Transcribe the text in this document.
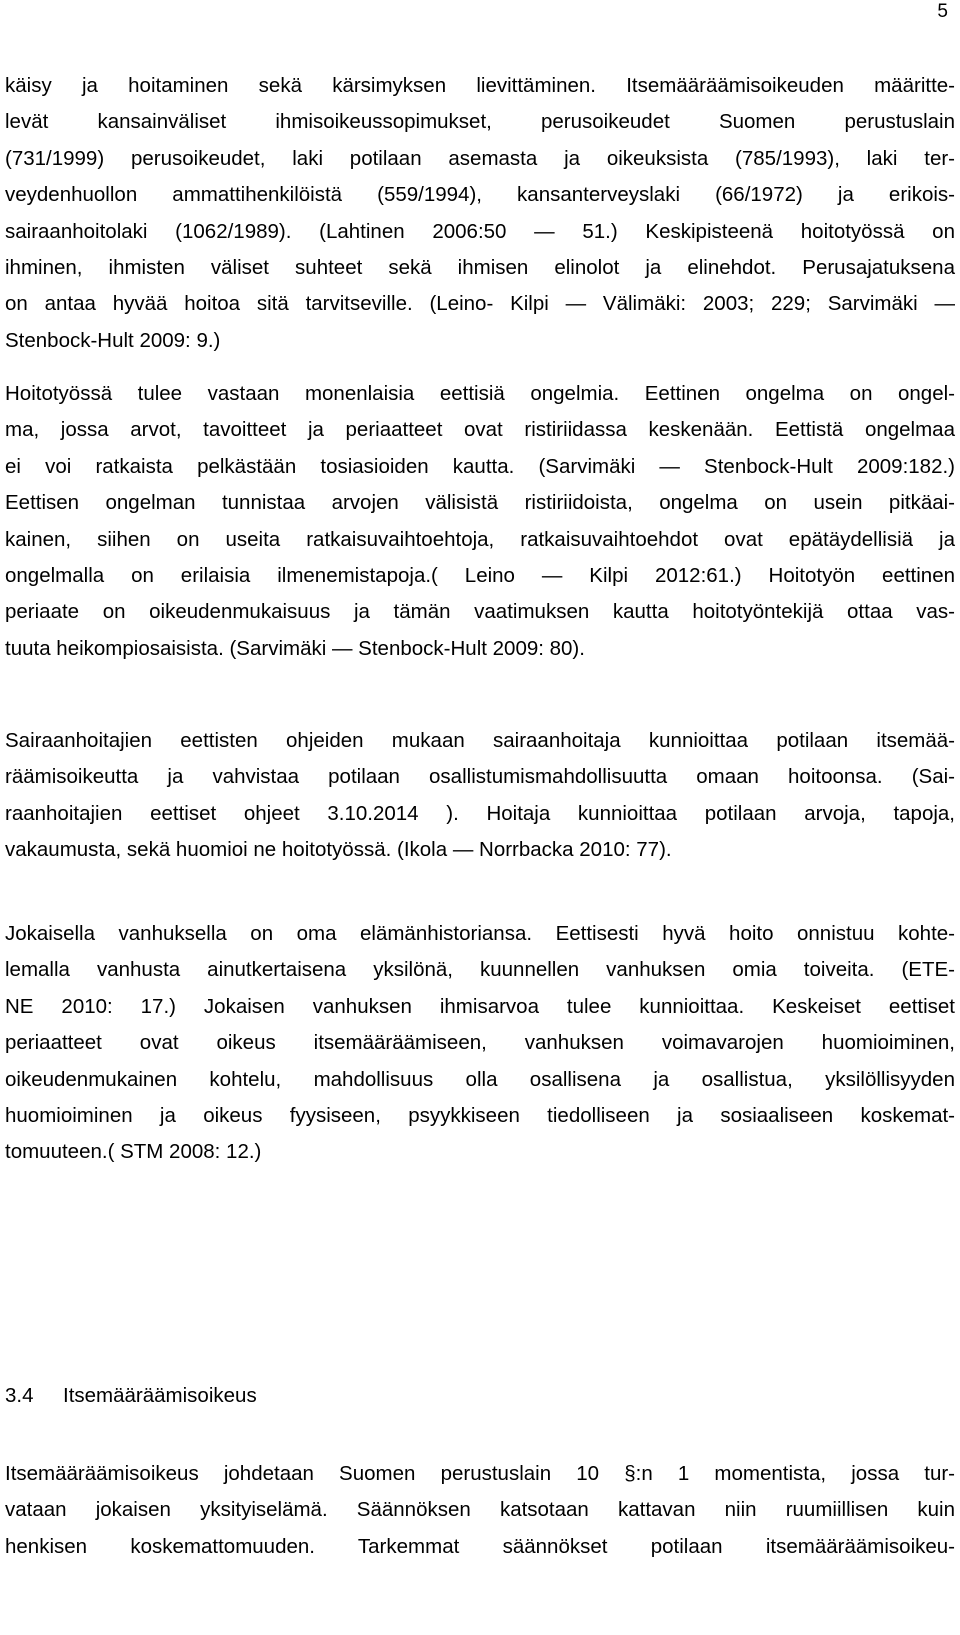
5
käisy ja hoitaminen sekä kärsimyksen lievittäminen. Itsemääräämisoikeuden määritte-
levät kansainväliset ihmisoikeussopimukset, perusoikeudet Suomen perustuslain
(731/1999) perusoikeudet, laki potilaan asemasta ja oikeuksista (785/1993), laki ter-
veydenhuollon ammattihenkilöistä (559/1994), kansanterveyslaki (66/1972) ja erikois-
sairaanhoitolaki (1062/1989). (Lahtinen 2006:50 ― 51.) Keskipisteenä hoitotyössä on
ihminen, ihmisten väliset suhteet sekä ihmisen elinolot ja elinehdot. Perusajatuksena
on antaa hyvää hoitoa sitä tarvitseville. (Leino- Kilpi ― Välimäki: 2003; 229; Sarvimäki ―
Stenbock-Hult 2009: 9.)
Hoitotyössä tulee vastaan monenlaisia eettisiä ongelmia. Eettinen ongelma on ongel-
ma, jossa arvot, tavoitteet ja periaatteet ovat ristiriidassa keskenään. Eettistä ongelmaa
ei voi ratkaista pelkästään tosiasioiden kautta. (Sarvimäki ― Stenbock-Hult 2009:182.)
Eettisen ongelman tunnistaa arvojen välisistä ristiriidoista, ongelma on usein pitkäai-
kainen, siihen on useita ratkaisuvaihtoehtoja, ratkaisuvaihtoehdot ovat epätäydellisiä ja
ongelmalla on erilaisia ilmenemistapoja.( Leino ― Kilpi 2012:61.) Hoitotyön eettinen
periaate on oikeudenmukaisuus ja tämän vaatimuksen kautta hoitotyöntekijä ottaa vas-
tuuta heikompiosaisista. (Sarvimäki ― Stenbock-Hult 2009: 80).
Sairaanhoitajien eettisten ohjeiden mukaan sairaanhoitaja kunnioittaa potilaan itsemää-
räämisoikeutta ja vahvistaa potilaan osallistumismahdollisuutta omaan hoitoonsa. (Sai-
raanhoitajien eettiset ohjeet 3.10.2014 ). Hoitaja kunnioittaa potilaan arvoja, tapoja,
vakaumusta, sekä huomioi ne hoitotyössä. (Ikola ― Norrbacka 2010: 77).
Jokaisella vanhuksella on oma elämänhistoriansa. Eettisesti hyvä hoito onnistuu kohte-
lemalla vanhusta ainutkertaisena yksilönä, kuunnellen vanhuksen omia toiveita. (ETE-
NE 2010: 17.) Jokaisen vanhuksen ihmisarvoa tulee kunnioittaa. Keskeiset eettiset
periaatteet ovat oikeus itsemääräämiseen, vanhuksen voimavarojen huomioiminen,
oikeudenmukainen kohtelu, mahdollisuus olla osallisena ja osallistua, yksilöllisyyden
huomioiminen ja oikeus fyysiseen, psyykkiseen tiedolliseen ja sosiaaliseen koskemat-
tomuuteen.( STM 2008: 12.)
3.4 Itsemääräämisoikeus
Itsemääräämisoikeus johdetaan Suomen perustuslain 10 §:n 1 momentista, jossa tur-
vataan jokaisen yksityiselämä. Säännöksen katsotaan kattavan niin ruumiillisen kuin
henkisen koskemattomuuden. Tarkemmat säännökset potilaan itsemääräämisoikeu-
